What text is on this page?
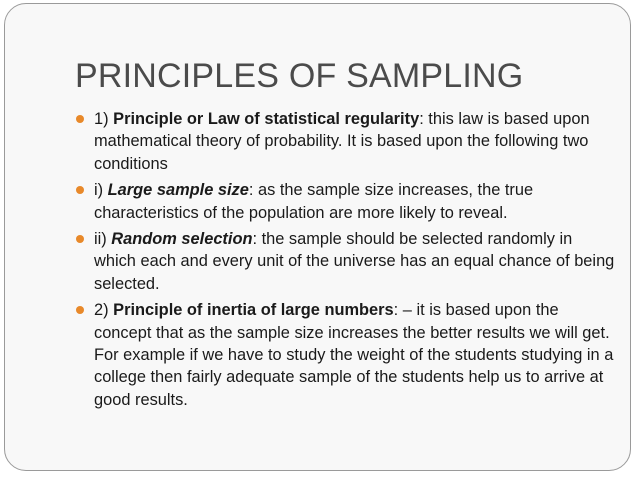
PRINCIPLES OF SAMPLING
1) Principle or Law of statistical regularity: this law is based upon mathematical theory of probability. It is based upon the following two conditions
i) Large sample size: as the sample size increases, the true characteristics of the population are more likely to reveal.
ii) Random selection: the sample should be selected randomly in which each and every unit of the universe has an equal chance of being selected.
2) Principle of inertia of large numbers: – it is based upon the concept that as the sample size increases the better results we will get. For example if we have to study the weight of the students studying in a college then fairly adequate sample of the students help us to arrive at good results.
